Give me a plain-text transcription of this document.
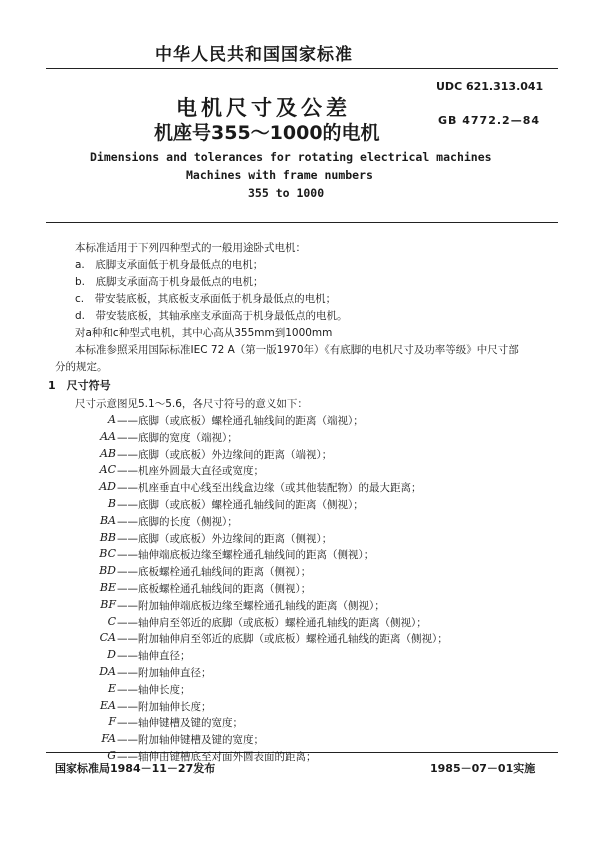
中华人民共和国国家标准
UDC 621.313.041
GB 4772.2—84
电机尺寸及公差
机座号355～1000的电机
Dimensions and tolerances for rotating electrical machines
Machines with frame numbers
355 to 1000
本标准适用于下列四种型式的一般用途卧式电机：
a.　底脚支承面低于机身最低点的电机；
b.　底脚支承面高于机身最低点的电机；
c.　带安装底板，其底板支承面低于机身最低点的电机；
d.　带安装底板，其轴承座支承面高于机身最低点的电机。
对a种和c种型式电机，其中心高从355mm到1000mm
本标准参照采用国际标准IEC 72 A（第一版1970年）《有底脚的电机尺寸及功率等级》中尺寸部
分的规定。
1　尺寸符号
尺寸示意图见5.1～5.6，各尺寸符号的意义如下：
A ——底脚（或底板）螺栓通孔轴线间的距离（端视）；
AA ——底脚的宽度（端视）；
AB ——底脚（或底板）外边缘间的距离（端视）；
AC ——机座外圆最大直径或宽度；
AD ——机座垂直中心线至出线盒边缘（或其他装配物）的最大距离；
B ——底脚（或底板）螺栓通孔轴线间的距离（侧视）；
BA ——底脚的长度（侧视）；
BB ——底脚（或底板）外边缘间的距离（侧视）；
BC ——轴伸端底板边缘至螺栓通孔轴线间的距离（侧视）；
BD ——底板螺栓通孔轴线间的距离（侧视）；
BE ——底板螺栓通孔轴线间的距离（侧视）；
BF ——附加轴伸端底板边缘至螺栓通孔轴线的距离（侧视）；
C ——轴伸肩至邻近的底脚（或底板）螺栓通孔轴线的距离（侧视）；
CA ——附加轴伸肩至邻近的底脚（或底板）螺栓通孔轴线的距离（侧视）；
D ——轴伸直径；
DA ——附加轴伸直径；
E ——轴伸长度；
EA ——附加轴伸长度；
F ——轴伸键槽及键的宽度；
FA ——附加轴伸键槽及键的宽度；
G ——轴伸由键槽底至对面外圆表面的距离；
国家标准局1984－11－27发布	1985－07－01实施
